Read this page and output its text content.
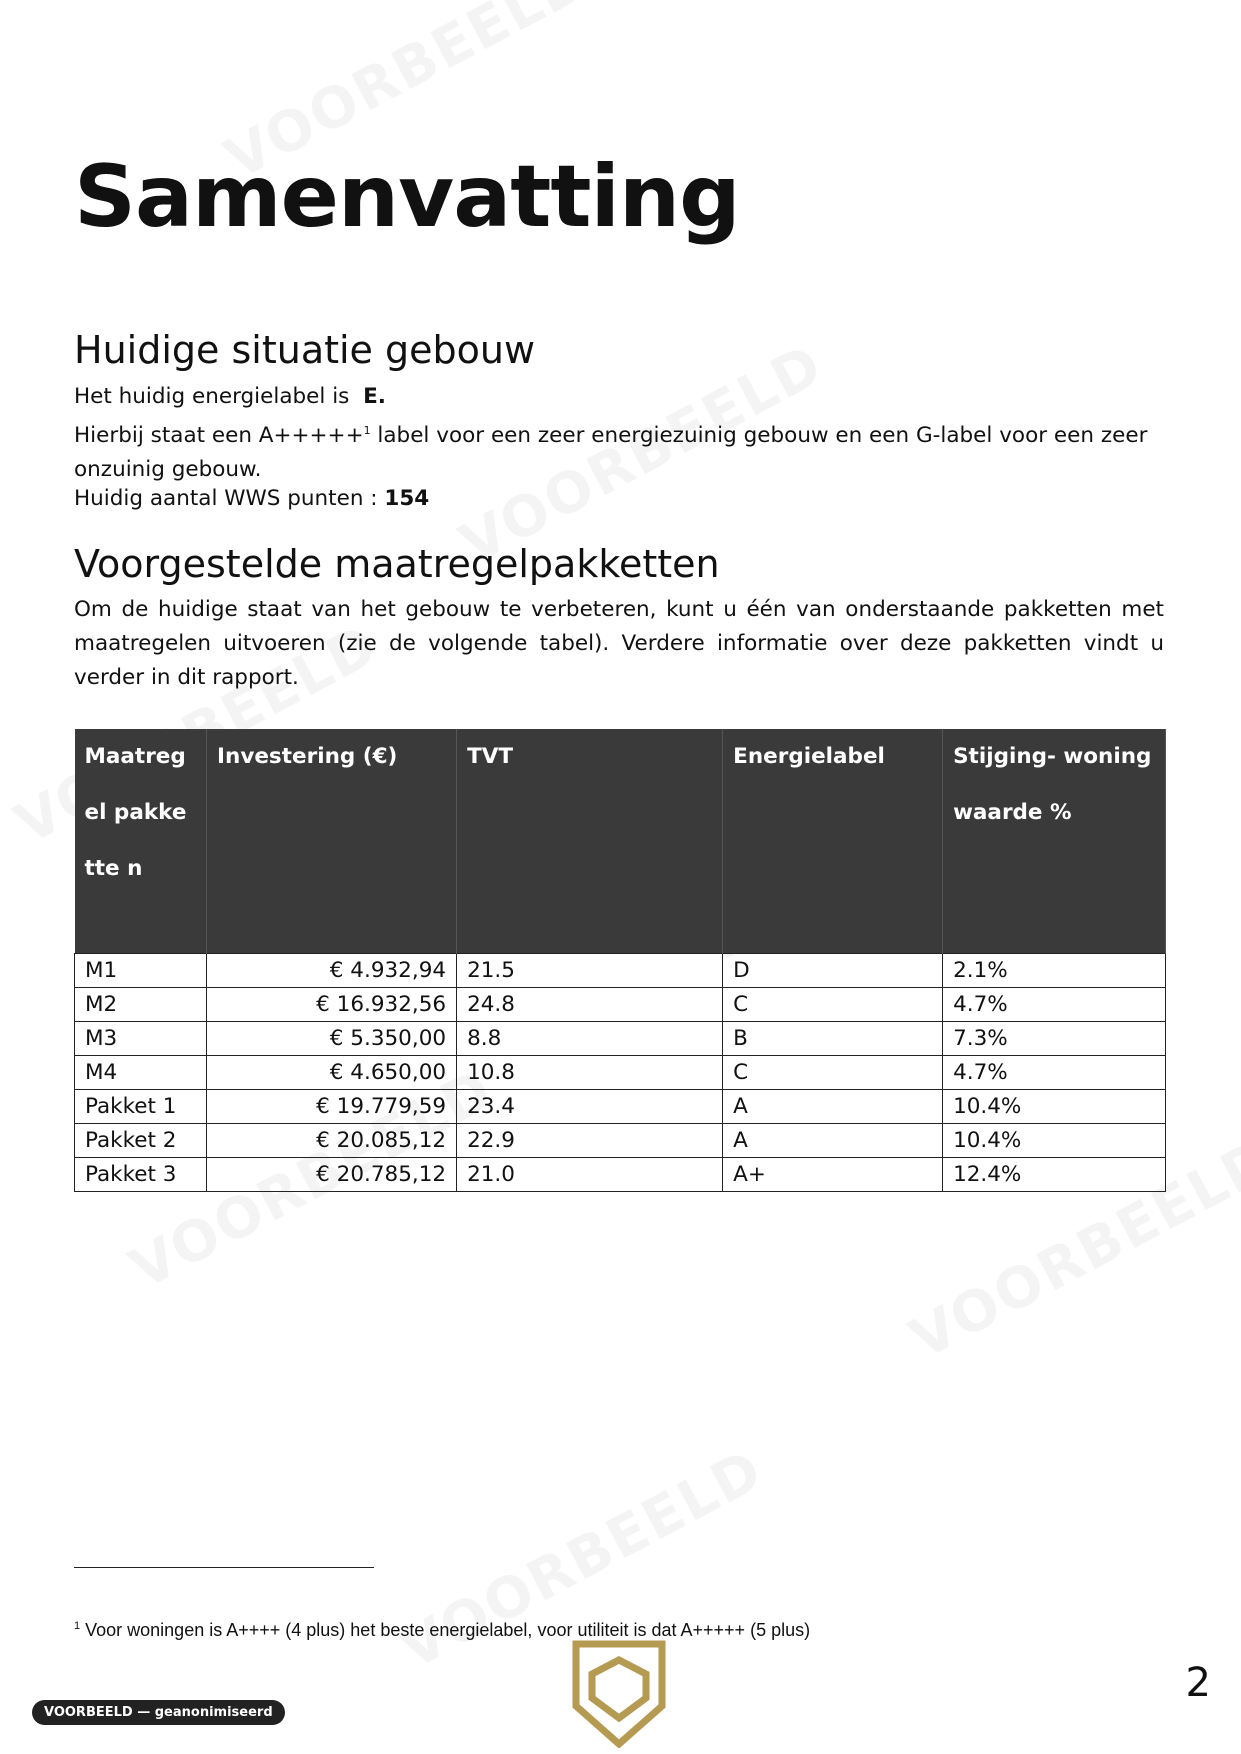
Samenvatting
Huidige situatie gebouw

Het huidig energielabel is E.

Hierbij staat een A+++++$^1$ label voor een zeer energiezuinig gebouw en een G-label voor een zeer onzuinig gebouw.

Huidig aantal WWS punten : 154

Voorgestelde maatregelpakketten

Om de huidige staat van het gebouw te verbeteren, kunt u één van onderstaande pakketten met maatregelen uitvoeren (zie de volgende tabel). Verdere informatie over deze pakketten vindt u verder in dit rapport.

Maatreg el pakkette n	Investering (€)	TVT	Energielabel	Stijging- woningwaarde %

M1	€ 4.932,94	21.5	D	2.1%
M2	€ 16.932,56	24.8	C	4.7%
M3	€ 5.350,00	8.8	B	7.3%
M4	€ 4.650,00	10.8	C	4.7%
Pakket 1	€ 19.779,59	23.4	A	10.4%
Pakket 2	€ 20.085,12	22.9	A	10.4%
Pakket 3	€ 20.785,12	21.0	A+	12.4%
$^1$ Voor woningen is A++++ (4 plus) het beste energielabel, voor utiliteit is dat A+++++ (5 plus)
2
VOORBEELD — geanonimiseerd
